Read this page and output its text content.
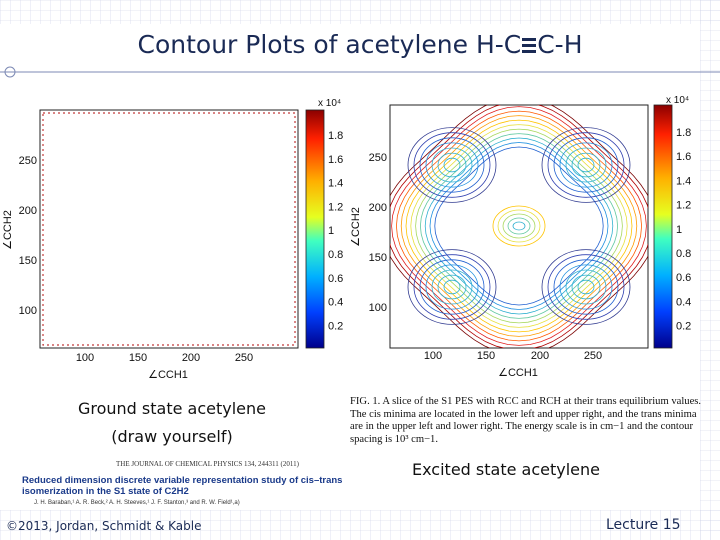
Contour Plots of acetylene H-C C-H
250
200
150
100
100	150	200	250
∠CCH1
∠CCH2
x 10⁴
1.8
1.6
1.4
1.2
1
0.8
0.6
0.4
0.2
250
200
150
100
100	150	200	250
∠CCH1
∠CCH2
x 10⁴
1.8
1.6
1.4
1.2
1
0.8
0.6
0.4
0.2
Ground state acetylene
(draw yourself)
FIG. 1. A slice of the S1 PES with RCC and RCH at their trans equilibrium values. The cis minima are located in the lower left and upper right, and the trans minima are in the upper left and lower right. The energy scale is in cm−1 and the contour spacing is 10³ cm−1.
Excited state acetylene
THE JOURNAL OF CHEMICAL PHYSICS 134, 244311 (2011)
Reduced dimension discrete variable representation study of cis–trans isomerization in the S1 state of C2H2
J. H. Baraban,¹ A. R. Beck,² A. H. Steeves,¹ J. F. Stanton,³ and R. W. Field¹,a)
©2013, Jordan, Schmidt & Kable	Lecture 15
